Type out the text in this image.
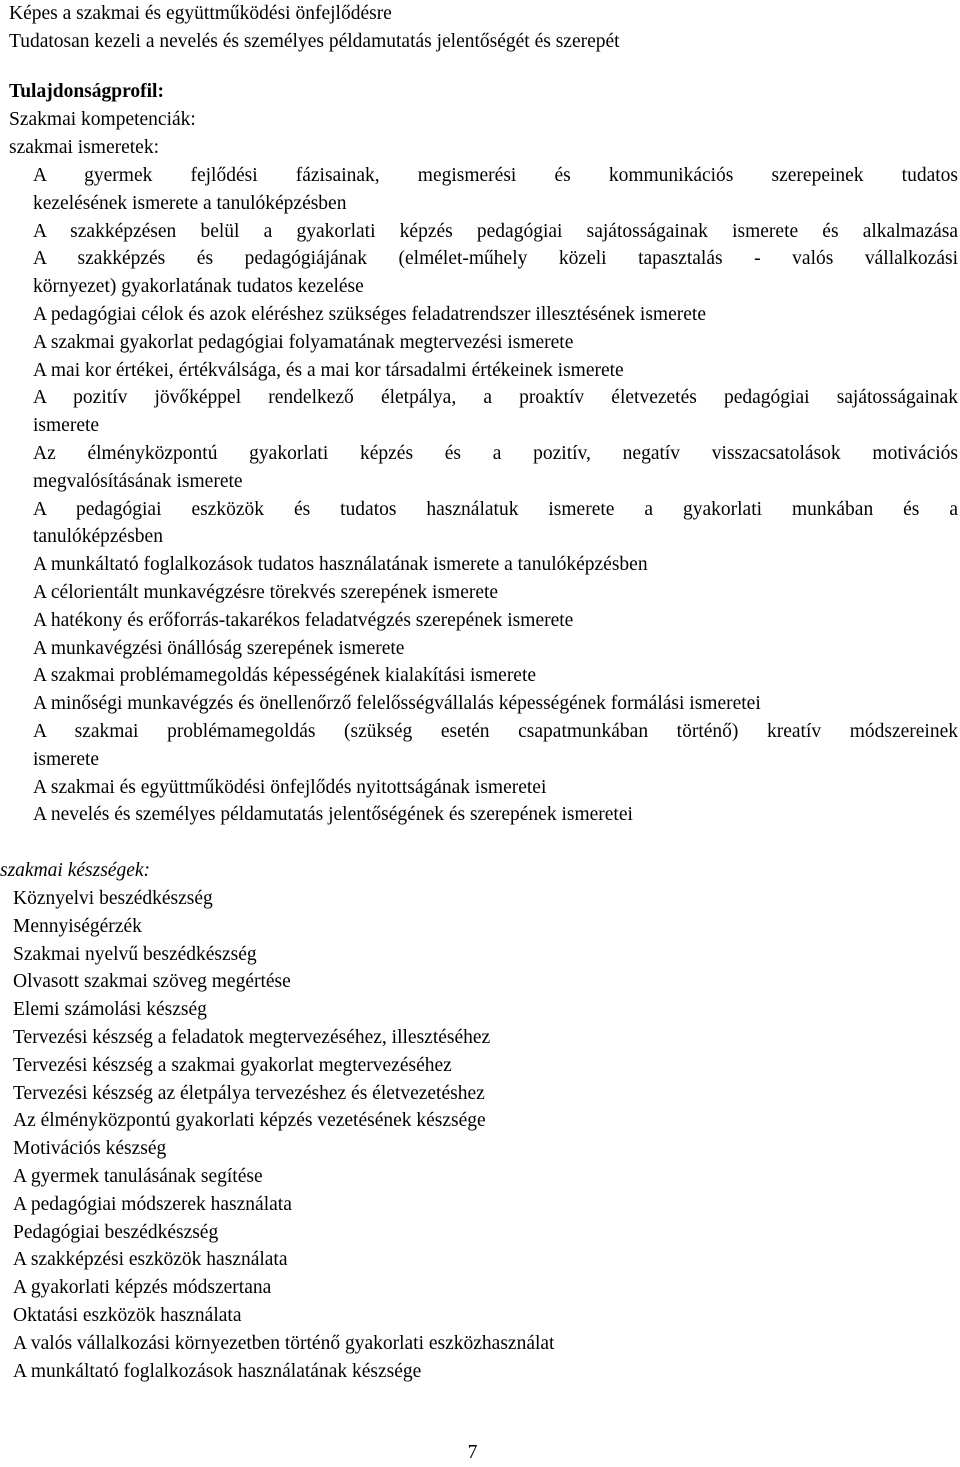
Képes a szakmai és együttműködési önfejlődésre
Tudatosan kezeli a nevelés és személyes példamutatás jelentőségét és szerepét
Tulajdonságprofil:
Szakmai kompetenciák:
szakmai ismeretek:
A gyermek fejlődési fázisainak, megismerési és kommunikációs szerepeinek tudatos
kezelésének ismerete a tanulóképzésben
A szakképzésen belül a gyakorlati képzés pedagógiai sajátosságainak ismerete és alkalmazása
A szakképzés és pedagógiájának (elmélet-műhely közeli tapasztalás - valós vállalkozási
környezet) gyakorlatának tudatos kezelése
A pedagógiai célok és azok eléréshez szükséges feladatrendszer illesztésének ismerete
A szakmai gyakorlat pedagógiai folyamatának megtervezési ismerete
A mai kor értékei, értékválsága, és a mai kor társadalmi értékeinek ismerete
A pozitív jövőképpel rendelkező életpálya, a proaktív életvezetés pedagógiai sajátosságainak
ismerete
Az élményközpontú gyakorlati képzés és a pozitív, negatív visszacsatolások motivációs
megvalósításának ismerete
A pedagógiai eszközök és tudatos használatuk ismerete a gyakorlati munkában és a
tanulóképzésben
A munkáltató foglalkozások tudatos használatának ismerete a tanulóképzésben
A célorientált munkavégzésre törekvés szerepének ismerete
A hatékony és erőforrás-takarékos feladatvégzés szerepének ismerete
A munkavégzési önállóság szerepének ismerete
A szakmai problémamegoldás képességének kialakítási ismerete
A minőségi munkavégzés és önellenőrző felelősségvállalás képességének formálási ismeretei
A szakmai problémamegoldás (szükség esetén csapatmunkában történő) kreatív módszereinek
ismerete
A szakmai és együttműködési önfejlődés nyitottságának ismeretei
A nevelés és személyes példamutatás jelentőségének és szerepének ismeretei
szakmai készségek:
Köznyelvi beszédkészség
Mennyiségérzék
Szakmai nyelvű beszédkészség
Olvasott szakmai szöveg megértése
Elemi számolási készség
Tervezési készség a feladatok megtervezéséhez, illesztéséhez
Tervezési készség a szakmai gyakorlat megtervezéséhez
Tervezési készség az életpálya tervezéshez és életvezetéshez
Az élményközpontú gyakorlati képzés vezetésének készsége
Motivációs készség
A gyermek tanulásának segítése
A pedagógiai módszerek használata
Pedagógiai beszédkészség
A szakképzési eszközök használata
A gyakorlati képzés módszertana
Oktatási eszközök használata
A valós vállalkozási környezetben történő gyakorlati eszközhasználat
A munkáltató foglalkozások használatának készsége
7
